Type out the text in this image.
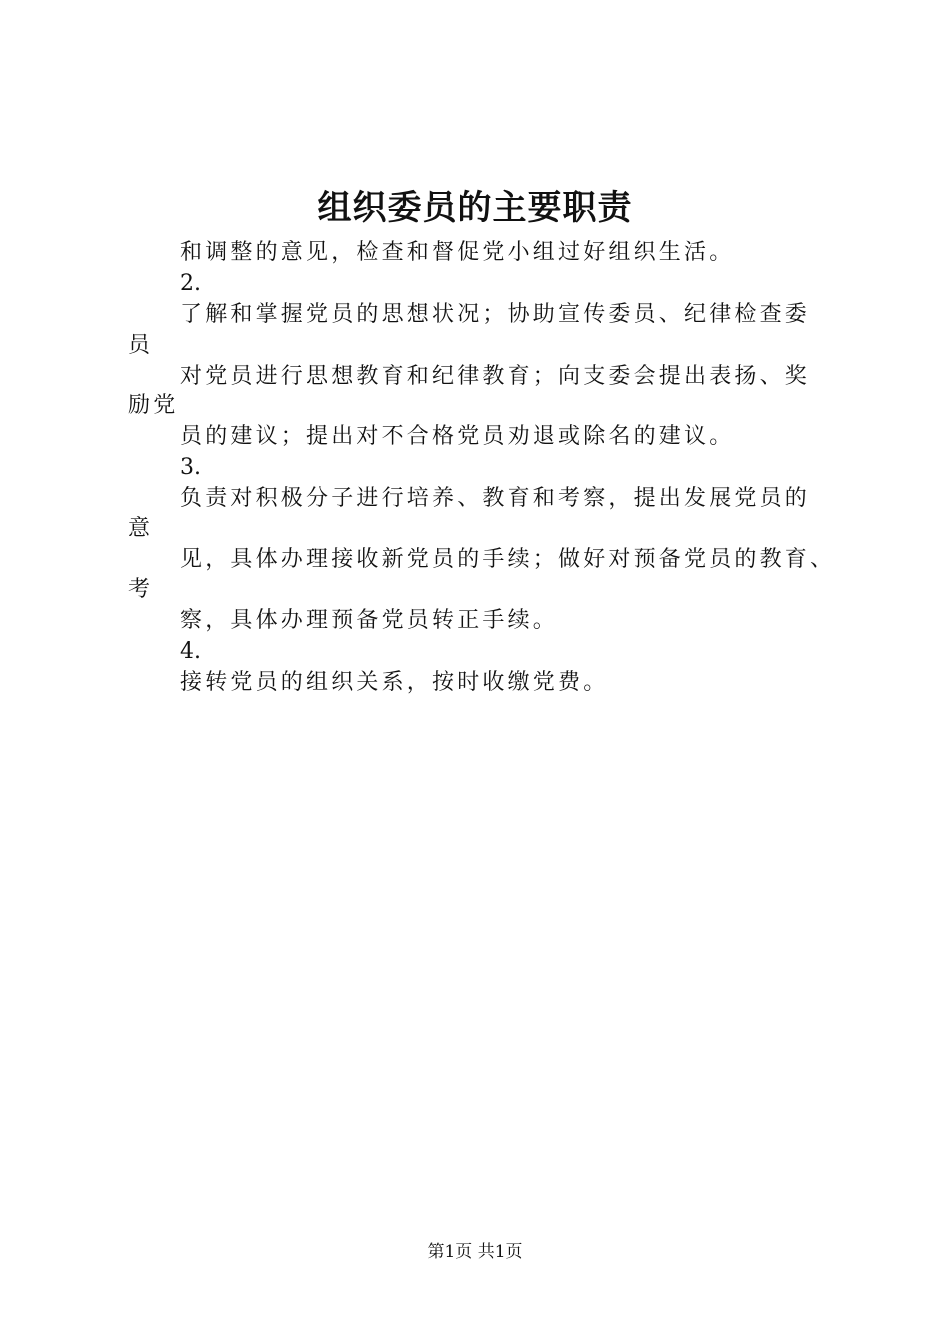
组织委员的主要职责

和调整的意见，检查和督促党小组过好组织生活。

2.

了解和掌握党员的思想状况；协助宣传委员、纪律检查委

员

对党员进行思想教育和纪律教育；向支委会提出表扬、奖

励党

员的建议；提出对不合格党员劝退或除名的建议。

3.

负责对积极分子进行培养、教育和考察，提出发展党员的

意

见，具体办理接收新党员的手续；做好对预备党员的教育、

考

察，具体办理预备党员转正手续。

4.

接转党员的组织关系，按时收缴党费。

第1页 共1页
